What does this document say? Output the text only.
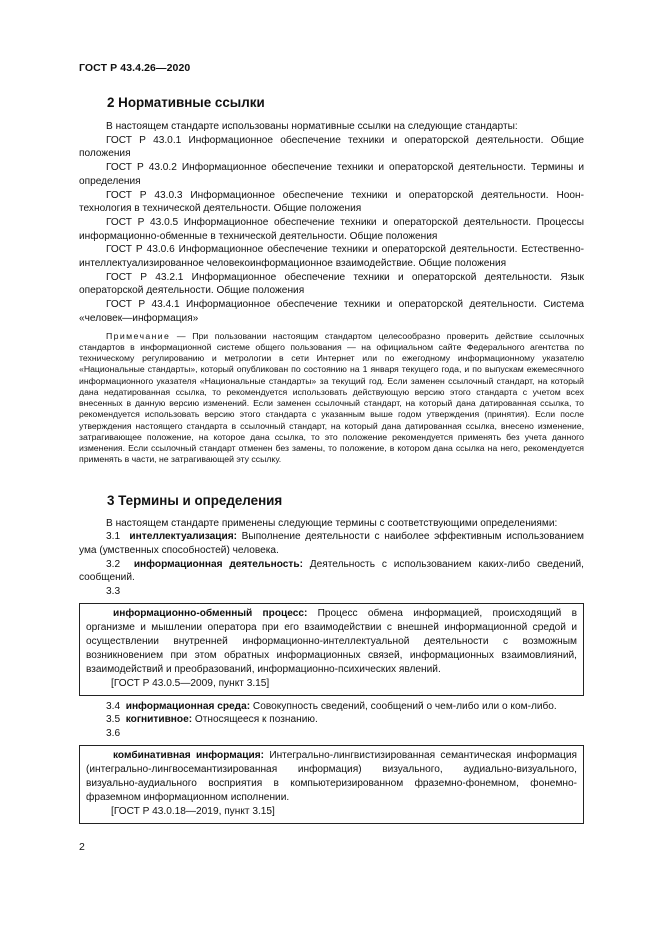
ГОСТ Р 43.4.26—2020
2 Нормативные ссылки

В настоящем стандарте использованы нормативные ссылки на следующие стандарты:

ГОСТ Р 43.0.1 Информационное обеспечение техники и операторской деятельности. Общие положения

ГОСТ Р 43.0.2 Информационное обеспечение техники и операторской деятельности. Термины и определения

ГОСТ Р 43.0.3 Информационное обеспечение техники и операторской деятельности. Ноон-технология в технической деятельности. Общие положения

ГОСТ Р 43.0.5 Информационное обеспечение техники и операторской деятельности. Процессы информационно-обменные в технической деятельности. Общие положения

ГОСТ Р 43.0.6 Информационное обеспечение техники и операторской деятельности. Естественно-интеллектуализированное человекоинформационное взаимодействие. Общие положения

ГОСТ Р 43.2.1 Информационное обеспечение техники и операторской деятельности. Язык операторской деятельности. Общие положения

ГОСТ Р 43.4.1 Информационное обеспечение техники и операторской деятельности. Система «человек—информация»

Примечание — При пользовании настоящим стандартом целесообразно проверить действие ссылочных стандартов в информационной системе общего пользования — на официальном сайте Федерального агентства по техническому регулированию и метрологии в сети Интернет или по ежегодному информационному указателю «Национальные стандарты», который опубликован по состоянию на 1 января текущего года, и по выпускам ежемесячного информационного указателя «Национальные стандарты» за текущий год. Если заменен ссылочный стандарт, на который дана недатированная ссылка, то рекомендуется использовать действующую версию этого стандарта с учетом всех внесенных в данную версию изменений. Если заменен ссылочный стандарт, на который дана датированная ссылка, то рекомендуется использовать версию этого стандарта с указанным выше годом утверждения (принятия). Если после утверждения настоящего стандарта в ссылочный стандарт, на который дана датированная ссылка, внесено изменение, затрагивающее положение, на которое дана ссылка, то это положение рекомендуется применять без учета данного изменения. Если ссылочный стандарт отменен без замены, то положение, в котором дана ссылка на него, рекомендуется применять в части, не затрагивающей эту ссылку.

3 Термины и определения

В настоящем стандарте применены следующие термины с соответствующими определениями:

3.1 интеллектуализация: Выполнение деятельности с наиболее эффективным использованием ума (умственных способностей) человека.

3.2 информационная деятельность: Деятельность с использованием каких-либо сведений, сообщений.

3.3

информационно-обменный процесс: Процесс обмена информацией, происходящий в организме и мышлении оператора при его взаимодействии с внешней информационной средой и осуществлении внутренней информационно-интеллектуальной деятельности с возможным возникновением при этом обратных информационных связей, информационных взаимовлияний, взаимодействий и преобразований, информационно-психических явлений.

[ГОСТ Р 43.0.5—2009, пункт 3.15]

3.4 информационная среда: Совокупность сведений, сообщений о чем-либо или о ком-либо.

3.5 когнитивное: Относящееся к познанию.

3.6

комбинативная информация: Интегрально-лингвистизированная семантическая информация (интегрально-лингвосемантизированная информация) визуального, аудиально-визуального, визуально-аудиального восприятия в компьютеризированном фраземно-фонемном, фонемно-фраземном информационном исполнении.

[ГОСТ Р 43.0.18—2019, пункт 3.15]

2
